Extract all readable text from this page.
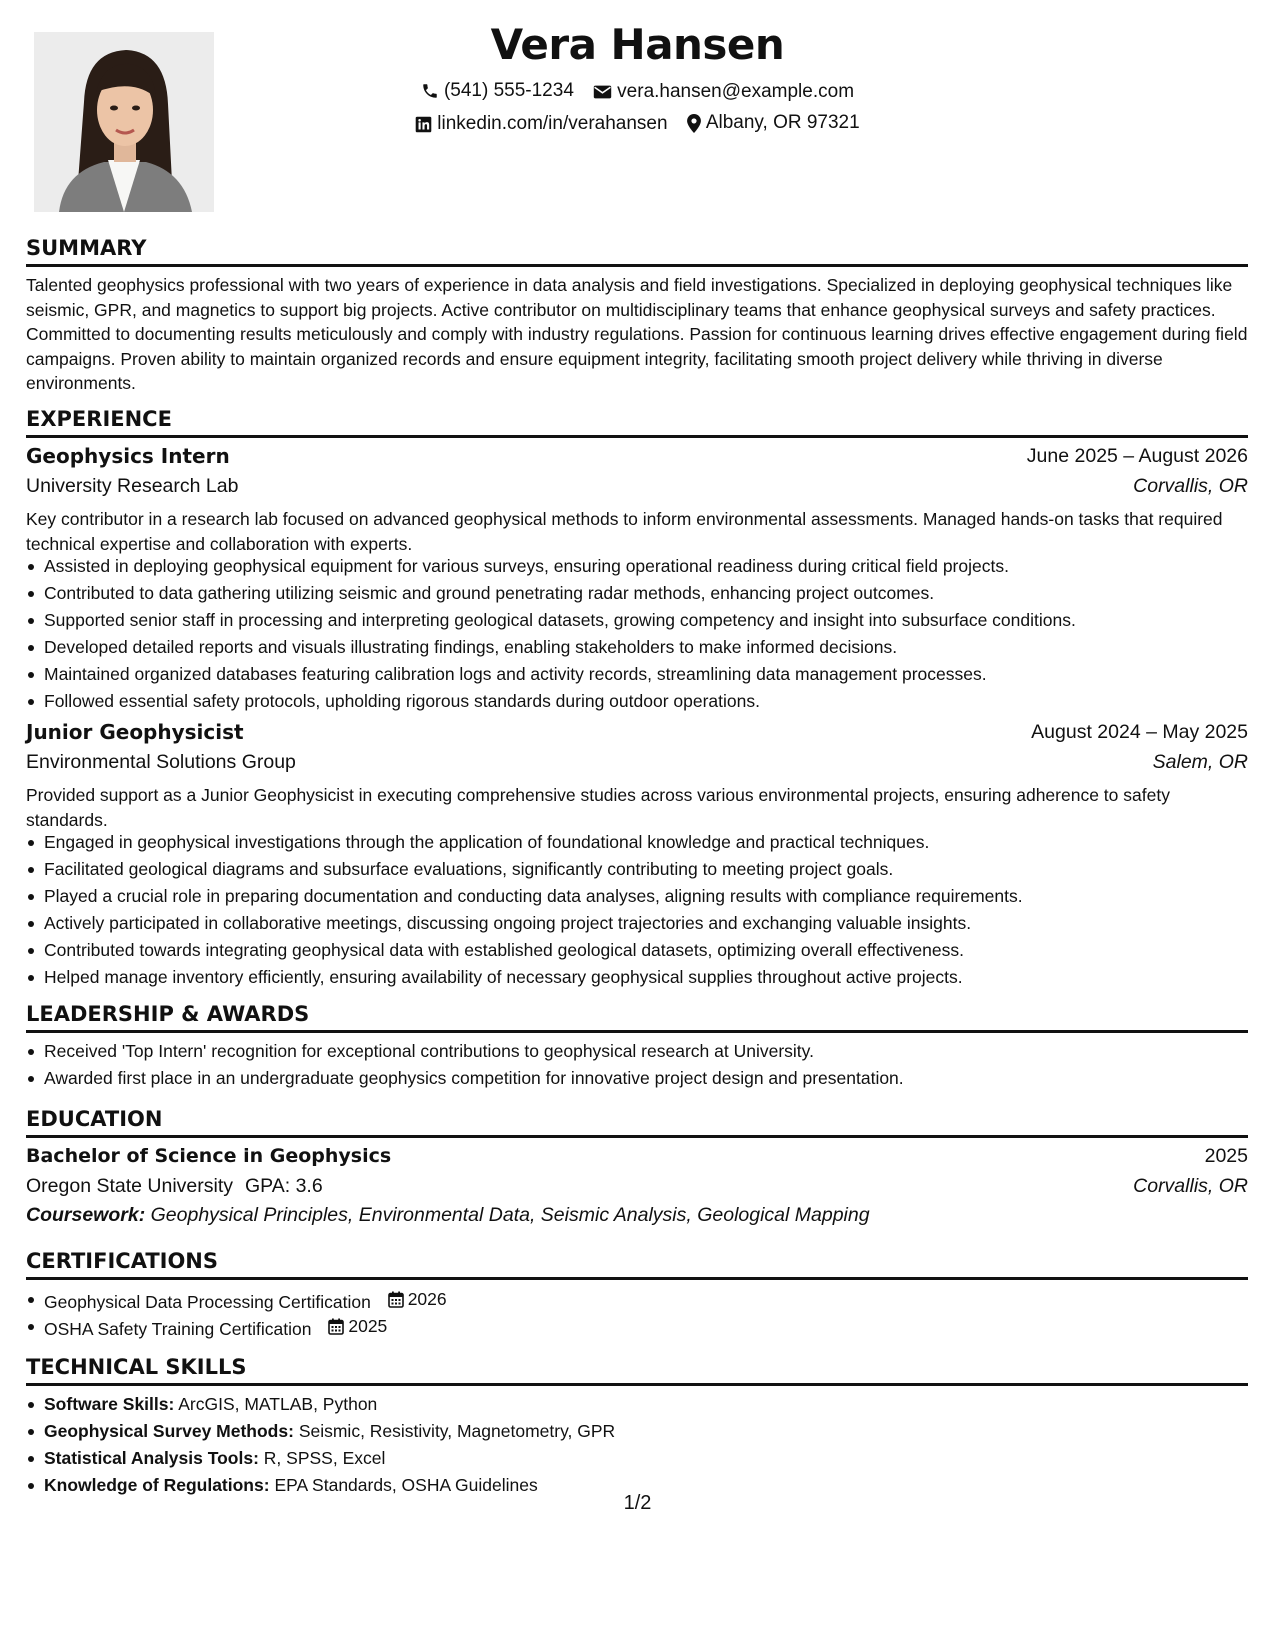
Vera Hansen
(541) 555-1234
vera.hansen@example.com
linkedin.com/in/verahansen
Albany, OR 97321
SUMMARY
Talented geophysics professional with two years of experience in data analysis and field investigations. Specialized in deploying geophysical techniques like seismic, GPR, and magnetics to support big projects. Active contributor on multidisciplinary teams that enhance geophysical surveys and safety practices. Committed to documenting results meticulously and comply with industry regulations. Passion for continuous learning drives effective engagement during field campaigns. Proven ability to maintain organized records and ensure equipment integrity, facilitating smooth project delivery while thriving in diverse environments.
EXPERIENCE
Geophysics Intern	June 2025 – August 2026
University Research Lab	Corvallis, OR
Key contributor in a research lab focused on advanced geophysical methods to inform environmental assessments. Managed hands-on tasks that required technical expertise and collaboration with experts.
Assisted in deploying geophysical equipment for various surveys, ensuring operational readiness during critical field projects.
Contributed to data gathering utilizing seismic and ground penetrating radar methods, enhancing project outcomes.
Supported senior staff in processing and interpreting geological datasets, growing competency and insight into subsurface conditions.
Developed detailed reports and visuals illustrating findings, enabling stakeholders to make informed decisions.
Maintained organized databases featuring calibration logs and activity records, streamlining data management processes.
Followed essential safety protocols, upholding rigorous standards during outdoor operations.
Junior Geophysicist	August 2024 – May 2025
Environmental Solutions Group	Salem, OR
Provided support as a Junior Geophysicist in executing comprehensive studies across various environmental projects, ensuring adherence to safety standards.
Engaged in geophysical investigations through the application of foundational knowledge and practical techniques.
Facilitated geological diagrams and subsurface evaluations, significantly contributing to meeting project goals.
Played a crucial role in preparing documentation and conducting data analyses, aligning results with compliance requirements.
Actively participated in collaborative meetings, discussing ongoing project trajectories and exchanging valuable insights.
Contributed towards integrating geophysical data with established geological datasets, optimizing overall effectiveness.
Helped manage inventory efficiently, ensuring availability of necessary geophysical supplies throughout active projects.
LEADERSHIP & AWARDS
Received 'Top Intern' recognition for exceptional contributions to geophysical research at University.
Awarded first place in an undergraduate geophysics competition for innovative project design and presentation.
EDUCATION
Bachelor of Science in Geophysics	2025
Oregon State University GPA: 3.6	Corvallis, OR
Coursework: Geophysical Principles, Environmental Data, Seismic Analysis, Geological Mapping
CERTIFICATIONS
Geophysical Data Processing Certification 2026
OSHA Safety Training Certification 2025
TECHNICAL SKILLS
Software Skills: ArcGIS, MATLAB, Python
Geophysical Survey Methods: Seismic, Resistivity, Magnetometry, GPR
Statistical Analysis Tools: R, SPSS, Excel
Knowledge of Regulations: EPA Standards, OSHA Guidelines
1/2
